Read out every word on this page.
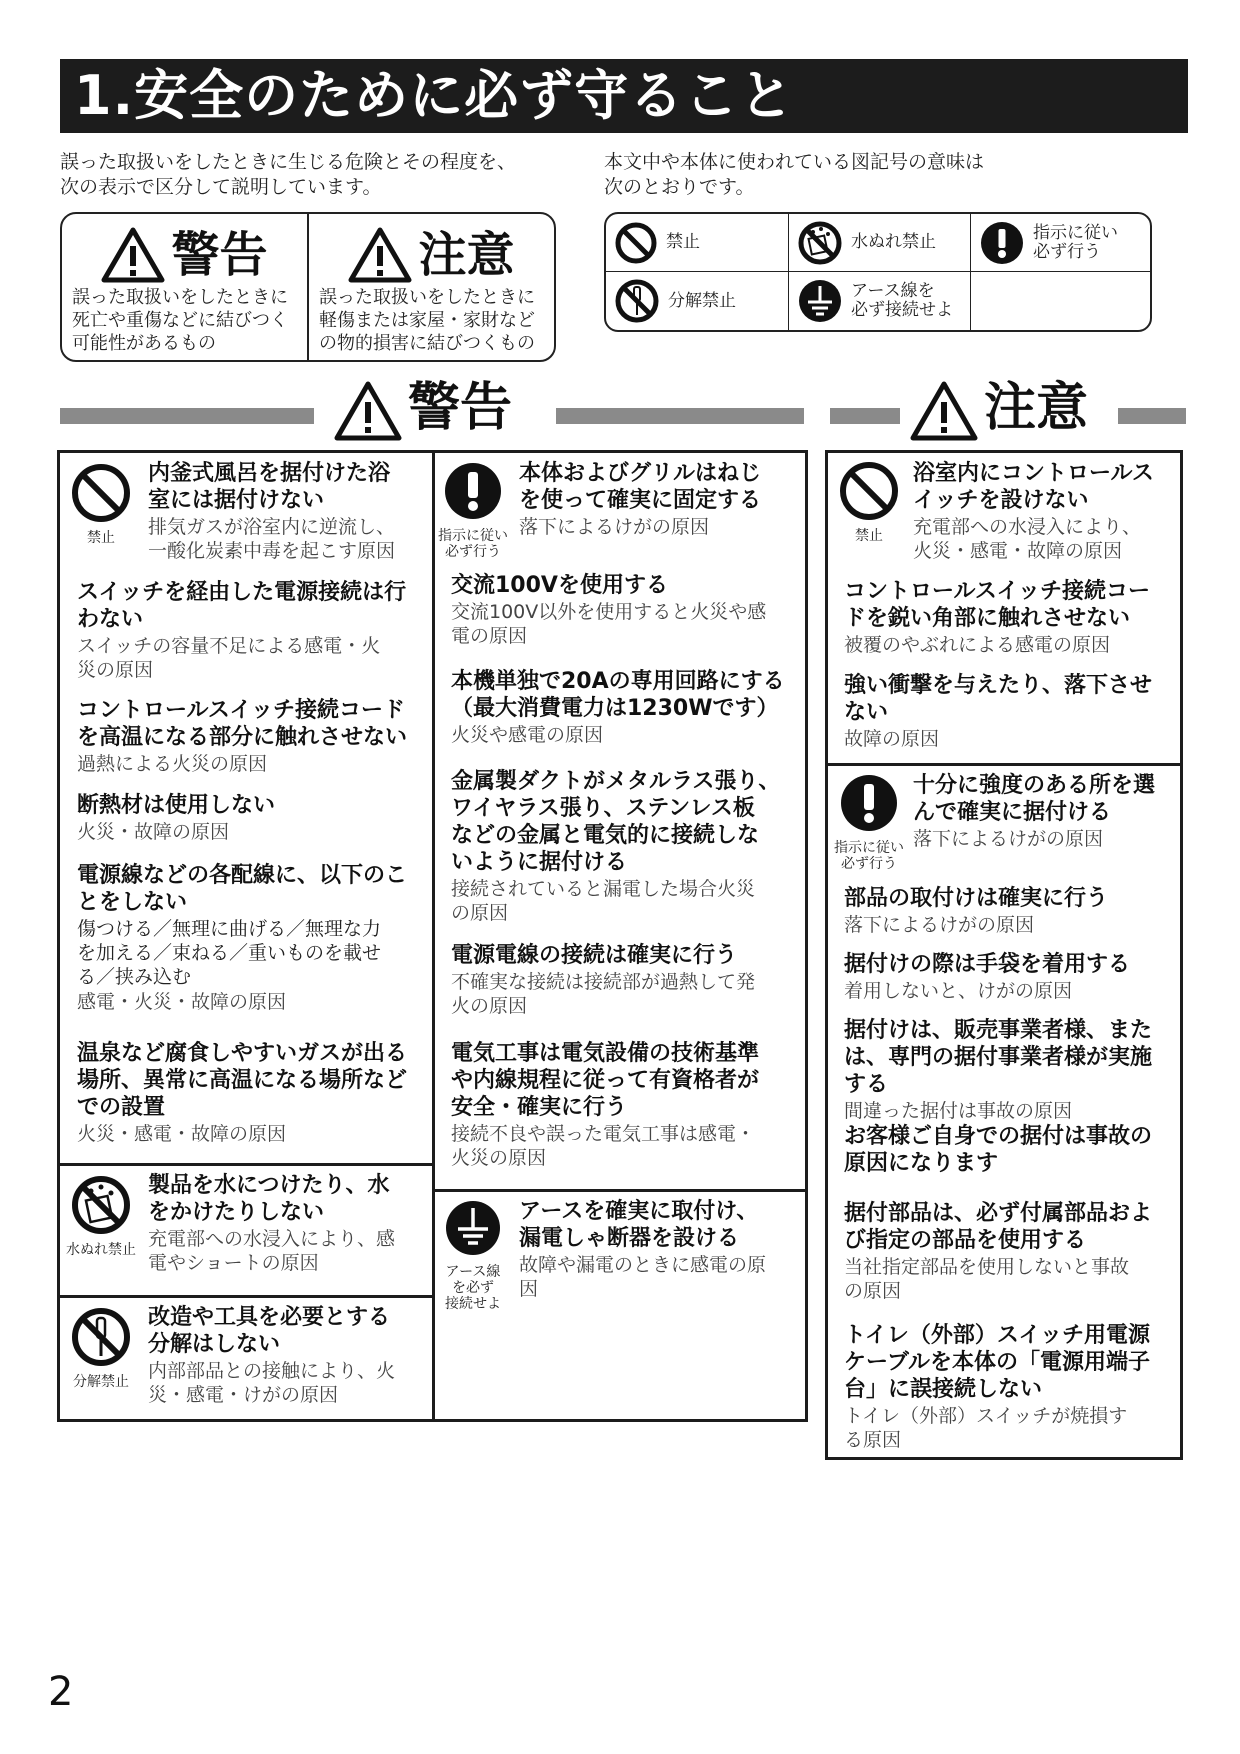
1.安全のために必ず守ること
誤った取扱いをしたときに生じる危険とその程度を、
次の表示で区分して説明しています。
本文中や本体に使われている図記号の意味は
次のとおりです。
警告
誤った取扱いをしたときに
死亡や重傷などに結びつく
可能性があるもの
注意
誤った取扱いをしたときに
軽傷または家屋・家財など
の物的損害に結びつくもの
禁止	水ぬれ禁止	指示に従い
必ず行う
分解禁止	アース線を
必ず接続せよ
警告	注意
禁止
内釜式風呂を据付けた浴
室には据付けない
排気ガスが浴室内に逆流し、
一酸化炭素中毒を起こす原因
スイッチを経由した電源接続は行
わない
スイッチの容量不足による感電・火
災の原因
コントロールスイッチ接続コード
を高温になる部分に触れさせない
過熱による火災の原因
断熱材は使用しない
火災・故障の原因
電源線などの各配線に、以下のこ
とをしない
傷つける／無理に曲げる／無理な力
を加える／束ねる／重いものを載せ
る／挟み込む
感電・火災・故障の原因
温泉など腐食しやすいガスが出る
場所、異常に高温になる場所など
での設置
火災・感電・故障の原因
水ぬれ禁止
製品を水につけたり、水
をかけたりしない
充電部への水浸入により、感
電やショートの原因
分解禁止
改造や工具を必要とする
分解はしない
内部部品との接触により、火
災・感電・けがの原因
指示に従い
必ず行う
本体およびグリルはねじ
を使って確実に固定する
落下によるけがの原因
交流100Vを使用する
交流100V以外を使用すると火災や感
電の原因
本機単独で20Aの専用回路にする
（最大消費電力は1230Wです）
火災や感電の原因
金属製ダクトがメタルラス張り、
ワイヤラス張り、ステンレス板
などの金属と電気的に接続しな
いように据付ける
接続されていると漏電した場合火災
の原因
電源電線の接続は確実に行う
不確実な接続は接続部が過熱して発
火の原因
電気工事は電気設備の技術基準
や内線規程に従って有資格者が
安全・確実に行う
接続不良や誤った電気工事は感電・
火災の原因
アース線
を必ず
接続せよ
アースを確実に取付け、
漏電しゃ断器を設ける
故障や漏電のときに感電の原
因
禁止
浴室内にコントロールス
イッチを設けない
充電部への水浸入により、
火災・感電・故障の原因
コントロールスイッチ接続コー
ドを鋭い角部に触れさせない
被覆のやぶれによる感電の原因
強い衝撃を与えたり、落下させ
ない
故障の原因
指示に従い
必ず行う
十分に強度のある所を選
んで確実に据付ける
落下によるけがの原因
部品の取付けは確実に行う
落下によるけがの原因
据付けの際は手袋を着用する
着用しないと、けがの原因
据付けは、販売事業者様、また
は、専門の据付事業者様が実施
する
間違った据付は事故の原因
お客様ご自身での据付は事故の
原因になります
据付部品は、必ず付属部品およ
び指定の部品を使用する
当社指定部品を使用しないと事故
の原因
トイレ（外部）スイッチ用電源
ケーブルを本体の「電源用端子
台」に誤接続しない
トイレ（外部）スイッチが焼損す
る原因
2
